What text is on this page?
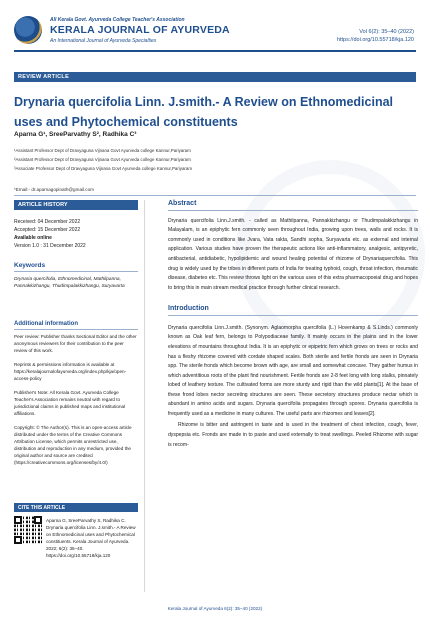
All Kerala Govt. Ayurveda College Teacher's Association
KERALA JOURNAL OF AYURVEDA
An International Journal of Ayurveda Specialties
Vol 6(2): 35–40 (2022)
https://doi.org/10.55718/kja.120
REVIEW ARTICLE
Drynaria quercifolia Linn. J.smith.- A Review on Ethnomedicinal uses and Phytochemical constituents
Aparna G¹, SreeParvathy S², Radhika C³
¹Assistant Professor Dept of Dravyaguna Vijnana Govt Ayurveda college Kannur,Pariyaram
²Assistant Professor Dept of Dravyaguna Vijnana Govt Ayurveda college Kannur,Pariyaram
³Associate Professor Dept of Dravyaguna Vijnana Govt Ayurveda college Kannur,Pariyaram
*Email:- dr.aparnagopinath@gmail.com
ARTICLE HISTORY
Received: 04 December 2022
Accepted: 15 December 2022
Available online
Version 1.0 : 31 December 2022
Keywords
Drynaria quercifolia, Ethnomedicinal, Mathilpanna, Pannakkizhangu, Thudimpalakkizhangu, Suryavarta
Additional information
Peer review: Publisher thanks Sectional Editor and the other anonymous reviewers for their contribution to the peer review of this work.
Reprints & permissions information is available at https://keralajournalofayurveda.org/index.php/kja/open-access-policy
Publisher's Note: All Kerala Govt. Ayurveda College Teacher's Association remains neutral with regard to jurisdictional claims in published maps and institutional affiliations.
Copyright: © The Author(s). This is an open-access article distributed under the terms of the Creative Commons Attribution License, which permits unrestricted use, distribution and reproduction in any medium, provided the original author and source are credited (https://creativecommons.org/licenses/by/4.0/)
CITE THIS ARTICLE
Aparna G, SreeParvathy S, Radhika C. Drynaria quercifolia Linn. J.smith.- A Review on Ethnomedicinal uses and Phytochemical constituents. Kerala Journal of Ayurveda. 2022; 6(2): 35–40. https://doi.org/10.55718/kja.120
Abstract
Drynaria quercifolia Linn.J.smith. - called as Mathilpanna, Pannakkizhangu or Thudimpalakkizhangu in Malayalam, is an epiphytic fern commonly seen throughout India, growing upon trees, walls and rocks. It is commonly used in conditions like Jvara, Vata rakta, Sandhi sopha, Suryavarta etc. as external and internal application. Various studies have proven the therapeutic actions like anti-inflammatory, analgesic, antipyretic, antibacterial, antidiabetic, hypolipidemic and wound healing potential of rhizome of Drynariaquercifolia. This drug is widely used by the tribes in different parts of India for treating typhoid, cough, throat infection, rheumatic disease, diabetes etc. This review throws light on the various uses of this extra pharmacopoeial drug and hopes to bring this in main stream medical practice through further clinical research.
Introduction
Drynaria quercifolia Linn.J.smith. (Synonym. Aglaomorpha quercifolia (L.) Hovenkamp & S.Linds.) commonly known as Oak leaf fern, belongs to Polypodiaceae family. It mainly occurs in the plains and in the lower elevations of mountains throughout India. It is an epiphytic or epipetric fern which grows on trees or rocks and has a fleshy rhizome covered with cordate shaped scales. Both sterile and fertile fronds are seen in Drynaria spp. The sterile fronds which become brown with age, are small and somewhat concave. They gather humus in which adventitious roots of the plant find nourishment. Fertile fronds are 2-8 feet long with long stalks, pinnately lobed of leathery texture. The cultivated forms are more sturdy and rigid than the wild plants[1]. At the base of these frond lobes nector secreting structures are seen. These secretory structures produce nectar which is abundant in amino acids and sugars. Drynaria quercifolia propagates through spores. Drynaria quercifolia is frequently used as a medicine in many cultures. The useful parts are rhizomes and leaves[2].
Rhizome is bitter and astringent in taste and is used in the treatment of chest infection, cough, fever, dyspepsia etc. Fronds are made in to paste and used externally to treat swellings. Peeled Rhizome with sugar is recom-
Kerala Journal of Ayurveda 6(2): 35–40 (2022)
